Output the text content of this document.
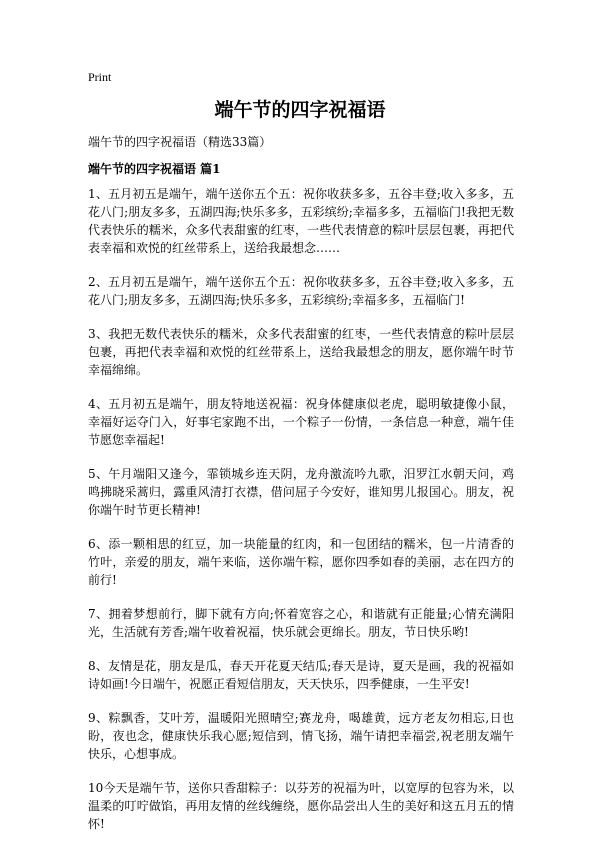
Print
端午节的四字祝福语
端午节的四字祝福语（精选33篇）
端午节的四字祝福语 篇1

1、五月初五是端午，端午送你五个五：祝你收获多多，五谷丰登;收入多多，五花八门;朋友多多，五湖四海;快乐多多，五彩缤纷;幸福多多，五福临门!我把无数代表快乐的糯米，众多代表甜蜜的红枣，一些代表情意的粽叶层层包裹，再把代表幸福和欢悦的红丝带系上，送给我最想念……

2、五月初五是端午，端午送你五个五：祝你收获多多，五谷丰登;收入多多，五花八门;朋友多多，五湖四海;快乐多多，五彩缤纷;幸福多多，五福临门!

3、我把无数代表快乐的糯米，众多代表甜蜜的红枣，一些代表情意的粽叶层层包裹，再把代表幸福和欢悦的红丝带系上，送给我最想念的朋友，愿你端午时节幸福绵绵。

4、五月初五是端午，朋友特地送祝福：祝身体健康似老虎，聪明敏捷像小鼠，幸福好运夺门入，好事宅家跑不出，一个粽子一份情，一条信息一种意，端午佳节愿您幸福起!

5、午月端阳又逢今，霏锁城乡连天阴，龙舟激流吟九歌，汨罗江水朝天问，鸡鸣拂晓采蒿归，露重风清打衣襟，借问屈子今安好，谁知男儿报国心。朋友，祝你端午时节更长精神!

6、添一颗相思的红豆，加一块能量的红肉，和一包团结的糯米，包一片清香的竹叶，亲爱的朋友，端午来临，送你端午粽，愿你四季如春的美丽，志在四方的前行!

7、拥着梦想前行，脚下就有方向;怀着宽容之心，和谐就有正能量;心情充满阳光，生活就有芳香;端午收着祝福，快乐就会更绵长。朋友，节日快乐哟!

8、友情是花，朋友是瓜，春天开花夏天结瓜;春天是诗，夏天是画，我的祝福如诗如画!今日端午，祝愿正看短信朋友，天天快乐，四季健康，一生平安!

9、粽飘香，艾叶芳，温暖阳光照晴空;赛龙舟，喝雄黄，远方老友勿相忘,日也盼，夜也念，健康快乐我心愿;短信到，情飞扬，端午请把幸福尝,祝老朋友端午快乐，心想事成。

10今天是端午节，送你只香甜粽子：以芬芳的祝福为叶，以宽厚的包容为米，以温柔的叮咛做馅，再用友情的丝线缠绕，愿你品尝出人生的美好和这五月五的情怀!
